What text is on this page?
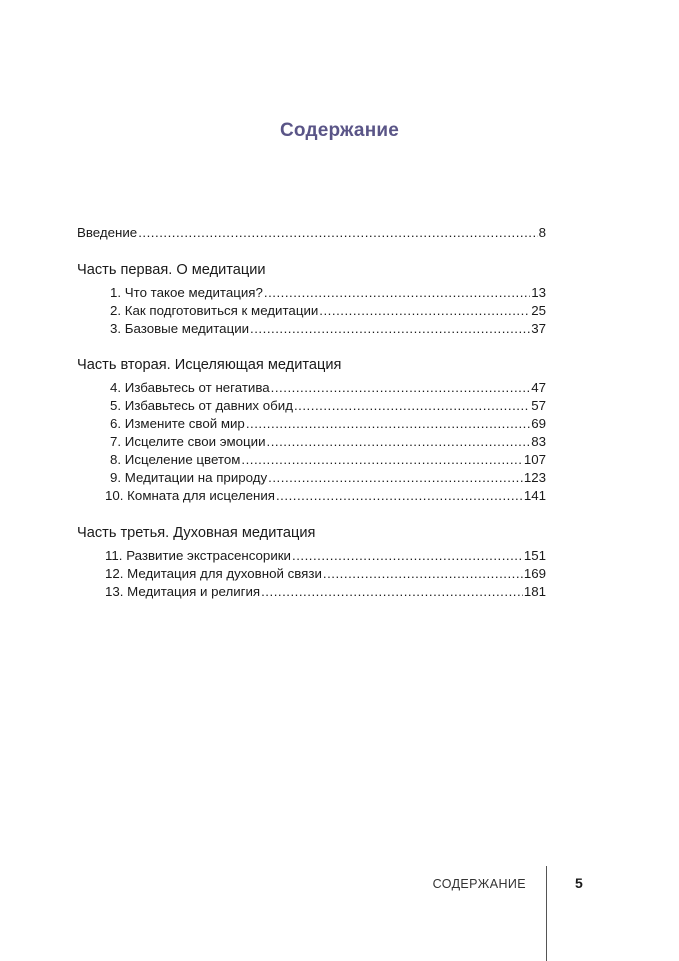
Содержание
Введение .....	8
Часть первая. О медитации
1. Что такое медитация? .....	13
2. Как подготовиться к медитации .....	25
3. Базовые медитации .....	37
Часть вторая. Исцеляющая медитация
4. Избавьтесь от негатива .....	47
5. Избавьтесь от давних обид .....	57
6. Измените свой мир .....	69
7. Исцелите свои эмоции .....	83
8. Исцеление цветом .....	107
9. Медитации на природу .....	123
10. Комната для исцеления .....	141
Часть третья. Духовная медитация
11. Развитие экстрасенсорики .....	151
12. Медитация для духовной связи .....	169
13. Медитация и религия .....	181
СОДЕРЖАНИЕ	5
